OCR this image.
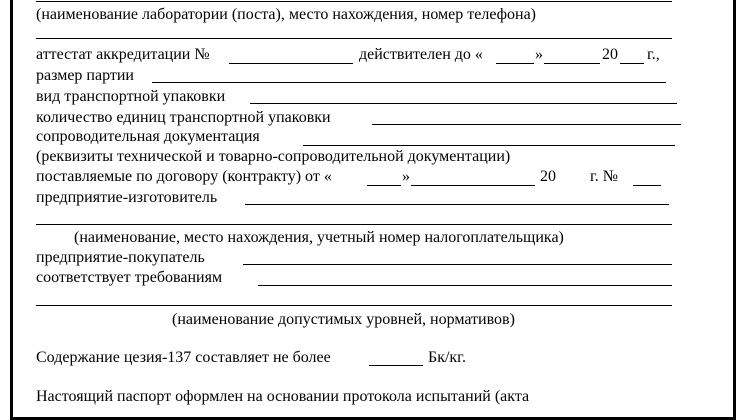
(наименование лаборатории (поста), место нахождения, номер телефона)
аттестат аккредитации №	действителен до «	»	20 г.,
размер партии
вид транспортной упаковки
количество единиц транспортной упаковки
сопроводительная документация
(реквизиты технической и товарно-сопроводительной документации)
поставляемые по договору (контракту) от «	»	20 г. №
предприятие-изготовитель
(наименование, место нахождения, учетный номер налогоплательщика)
предприятие-покупатель
соответствует требованиям
(наименование допустимых уровней, нормативов)
Содержание цезия-137 составляет не более	Бк/кг.
Настоящий паспорт оформлен на основании протокола испытаний (акта
